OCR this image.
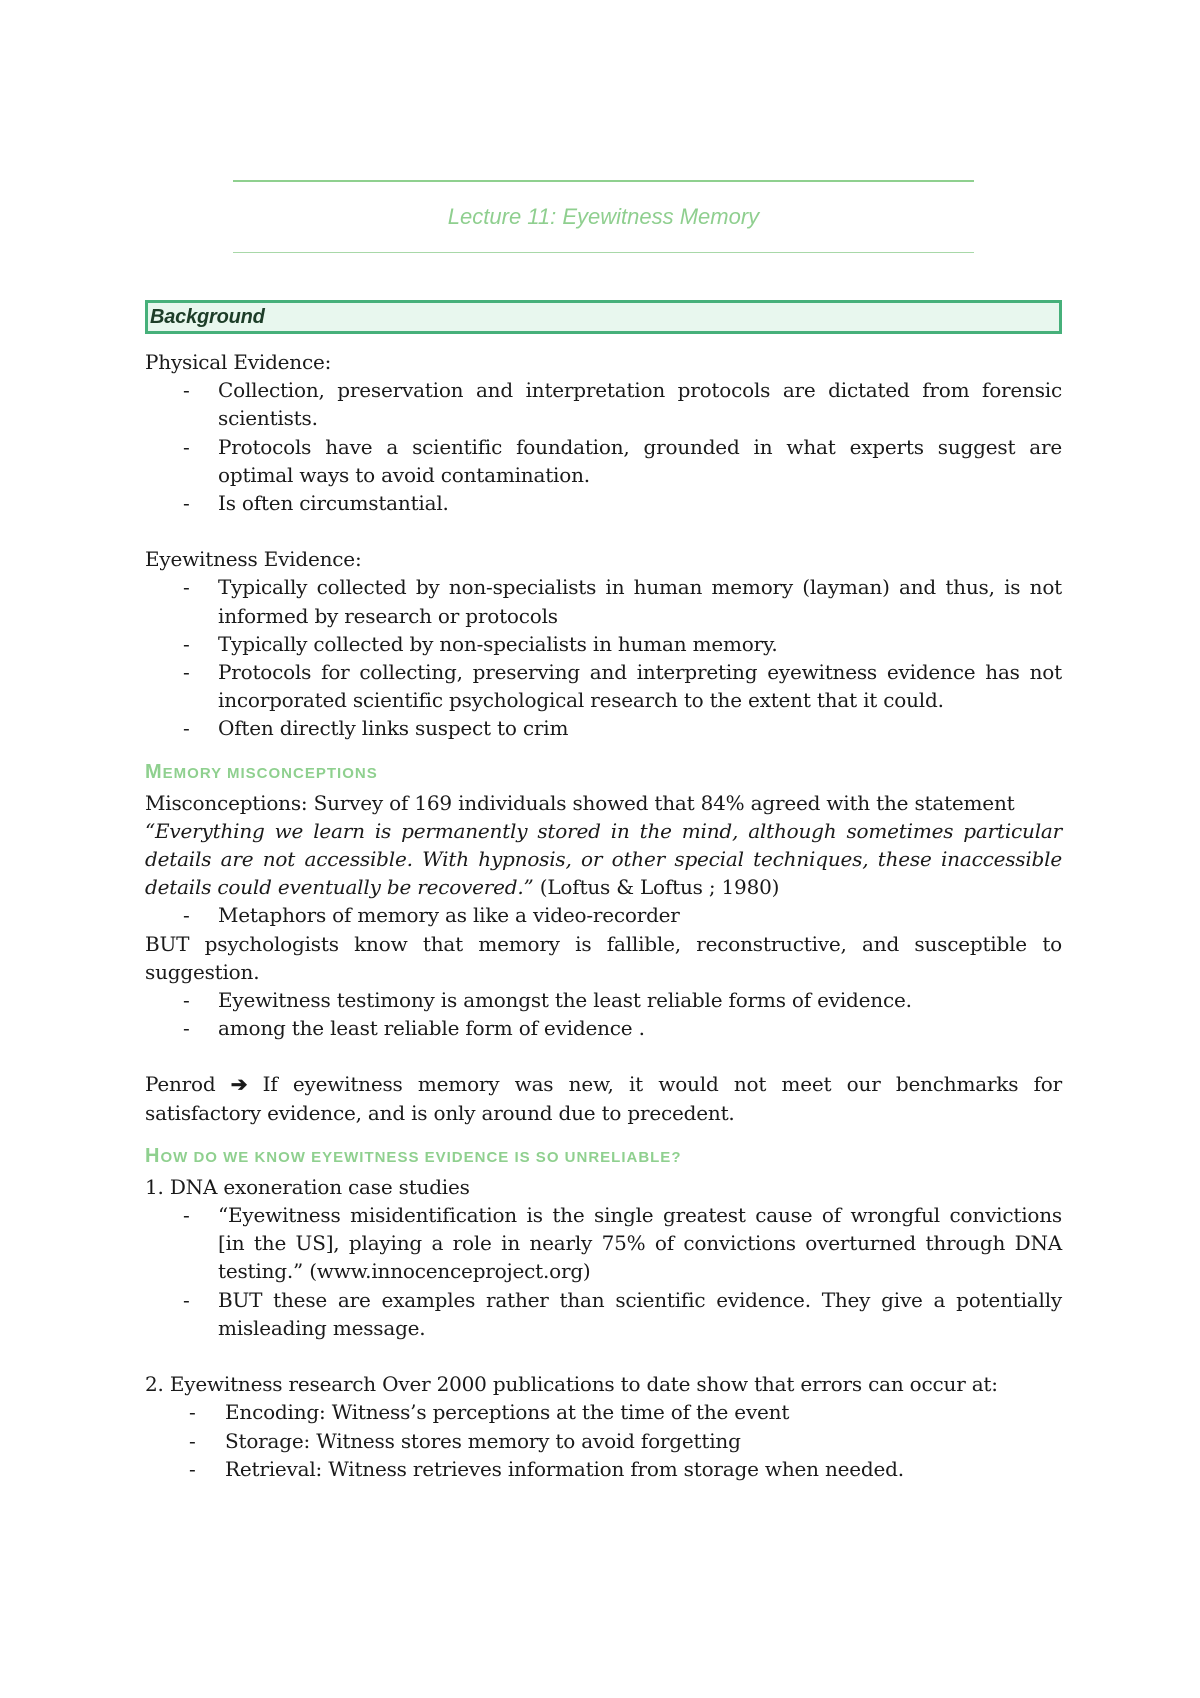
Lecture 11: Eyewitness Memory
Background

Physical Evidence:

- Collection, preservation and interpretation protocols are dictated from forensic scientists.
- Protocols have a scientific foundation, grounded in what experts suggest are optimal ways to avoid contamination.
- Is often circumstantial.

Eyewitness Evidence:

- Typically collected by non-specialists in human memory (layman) and thus, is not informed by research or protocols
- Typically collected by non-specialists in human memory.
- Protocols for collecting, preserving and interpreting eyewitness evidence has not incorporated scientific psychological research to the extent that it could.
- Often directly links suspect to crim
MEMORY MISCONCEPTIONS

Misconceptions: Survey of 169 individuals showed that 84% agreed with the statement

“Everything we learn is permanently stored in the mind, although sometimes particular details are not accessible. With hypnosis, or other special techniques, these inaccessible details could eventually be recovered.” (Loftus & Loftus ; 1980)

- Metaphors of memory as like a video-recorder

BUT psychologists know that memory is fallible, reconstructive, and susceptible to suggestion.

- Eyewitness testimony is amongst the least reliable forms of evidence.
- among the least reliable form of evidence .

Penrod ➔ If eyewitness memory was new, it would not meet our benchmarks for satisfactory evidence, and is only around due to precedent.

HOW DO WE KNOW EYEWITNESS EVIDENCE IS SO UNRELIABLE?

1. DNA exoneration case studies

- “Eyewitness misidentification is the single greatest cause of wrongful convictions [in the US], playing a role in nearly 75% of convictions overturned through DNA testing.” (www.innocenceproject.org)
- BUT these are examples rather than scientific evidence. They give a potentially misleading message.

2. Eyewitness research Over 2000 publications to date show that errors can occur at:

- Encoding: Witness’s perceptions at the time of the event
- Storage: Witness stores memory to avoid forgetting
- Retrieval: Witness retrieves information from storage when needed.
